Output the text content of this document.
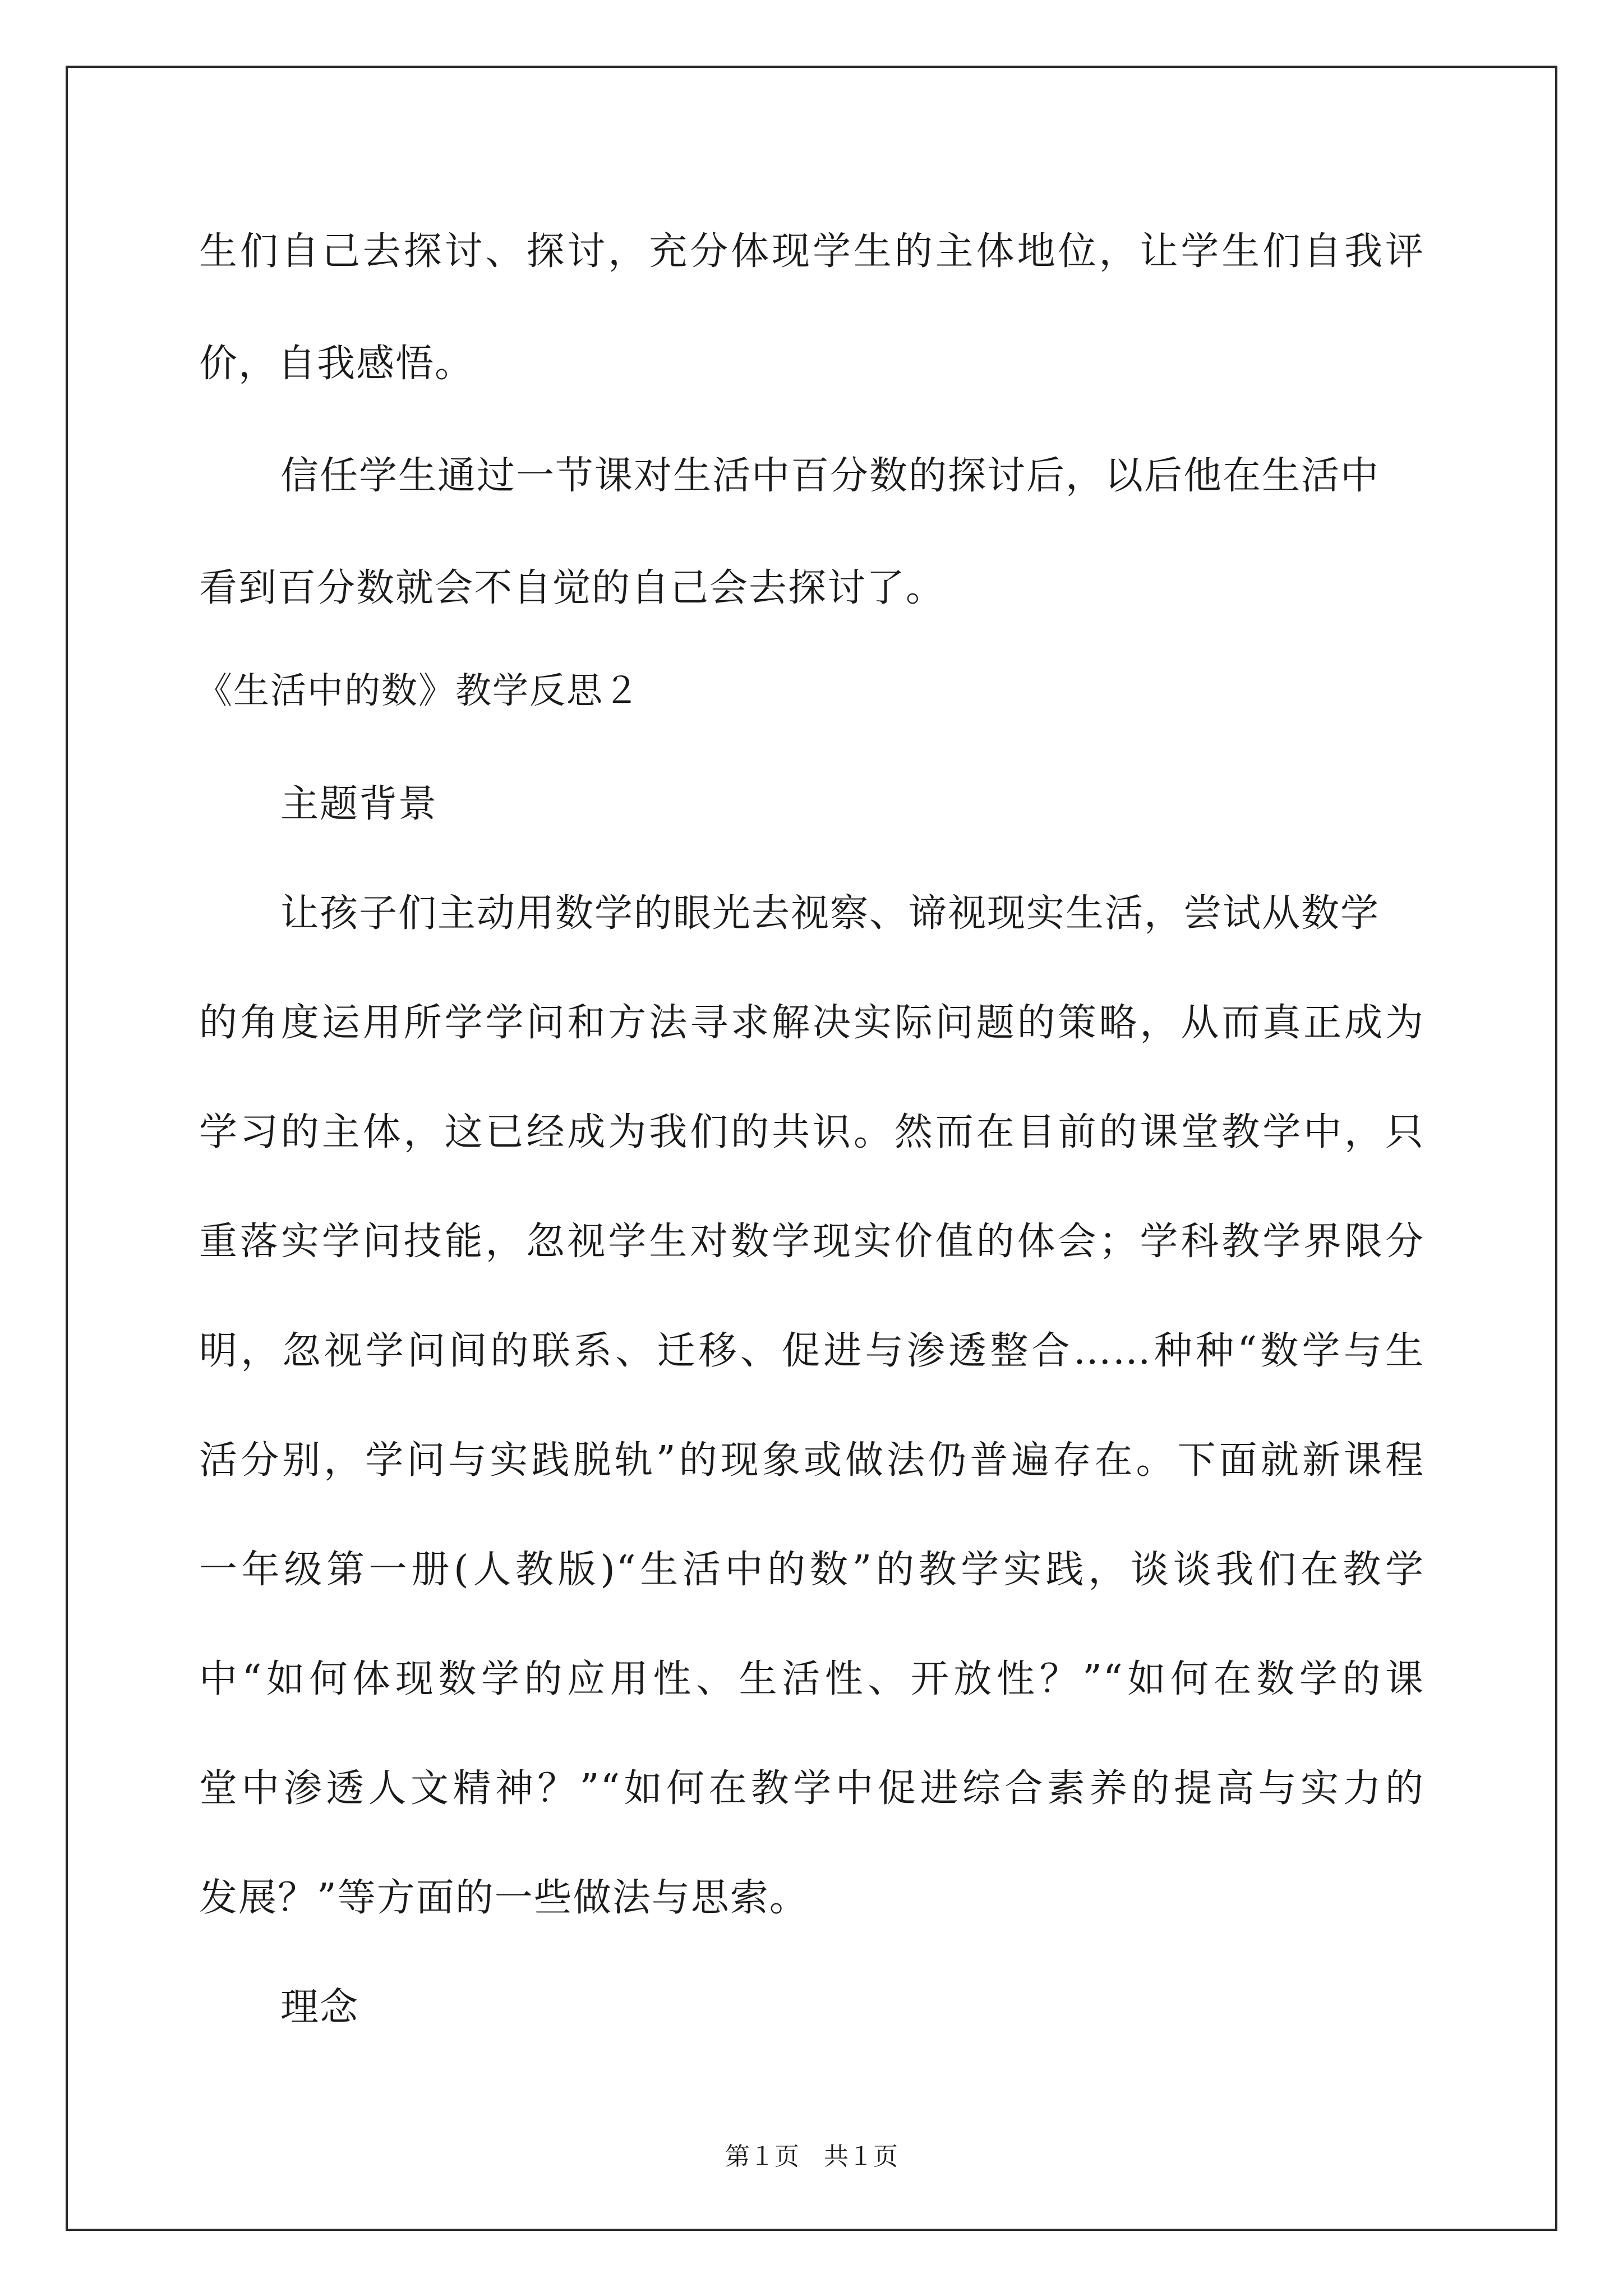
生们自己去探讨、探讨，充分体现学生的主体地位，让学生们自我评
价，自我感悟。
信任学生通过一节课对生活中百分数的探讨后，以后他在生活中
看到百分数就会不自觉的自己会去探讨了。
《生活中的数》教学反思２
主题背景
让孩子们主动用数学的眼光去视察、谛视现实生活，尝试从数学
的角度运用所学学问和方法寻求解决实际问题的策略，从而真正成为
学习的主体，这已经成为我们的共识。然而在目前的课堂教学中，只
重落实学问技能，忽视学生对数学现实价值的体会；学科教学界限分
明，忽视学问间的联系、迁移、促进与渗透整合……种种“数学与生
活分别，学问与实践脱轨”的现象或做法仍普遍存在。下面就新课程
一年级第一册(人教版)“生活中的数”的教学实践，谈谈我们在教学
中“如何体现数学的应用性、生活性、开放性？”“如何在数学的课
堂中渗透人文精神？”“如何在教学中促进综合素养的提高与实力的
发展？”等方面的一些做法与思索。
理念
第１页　共１页
